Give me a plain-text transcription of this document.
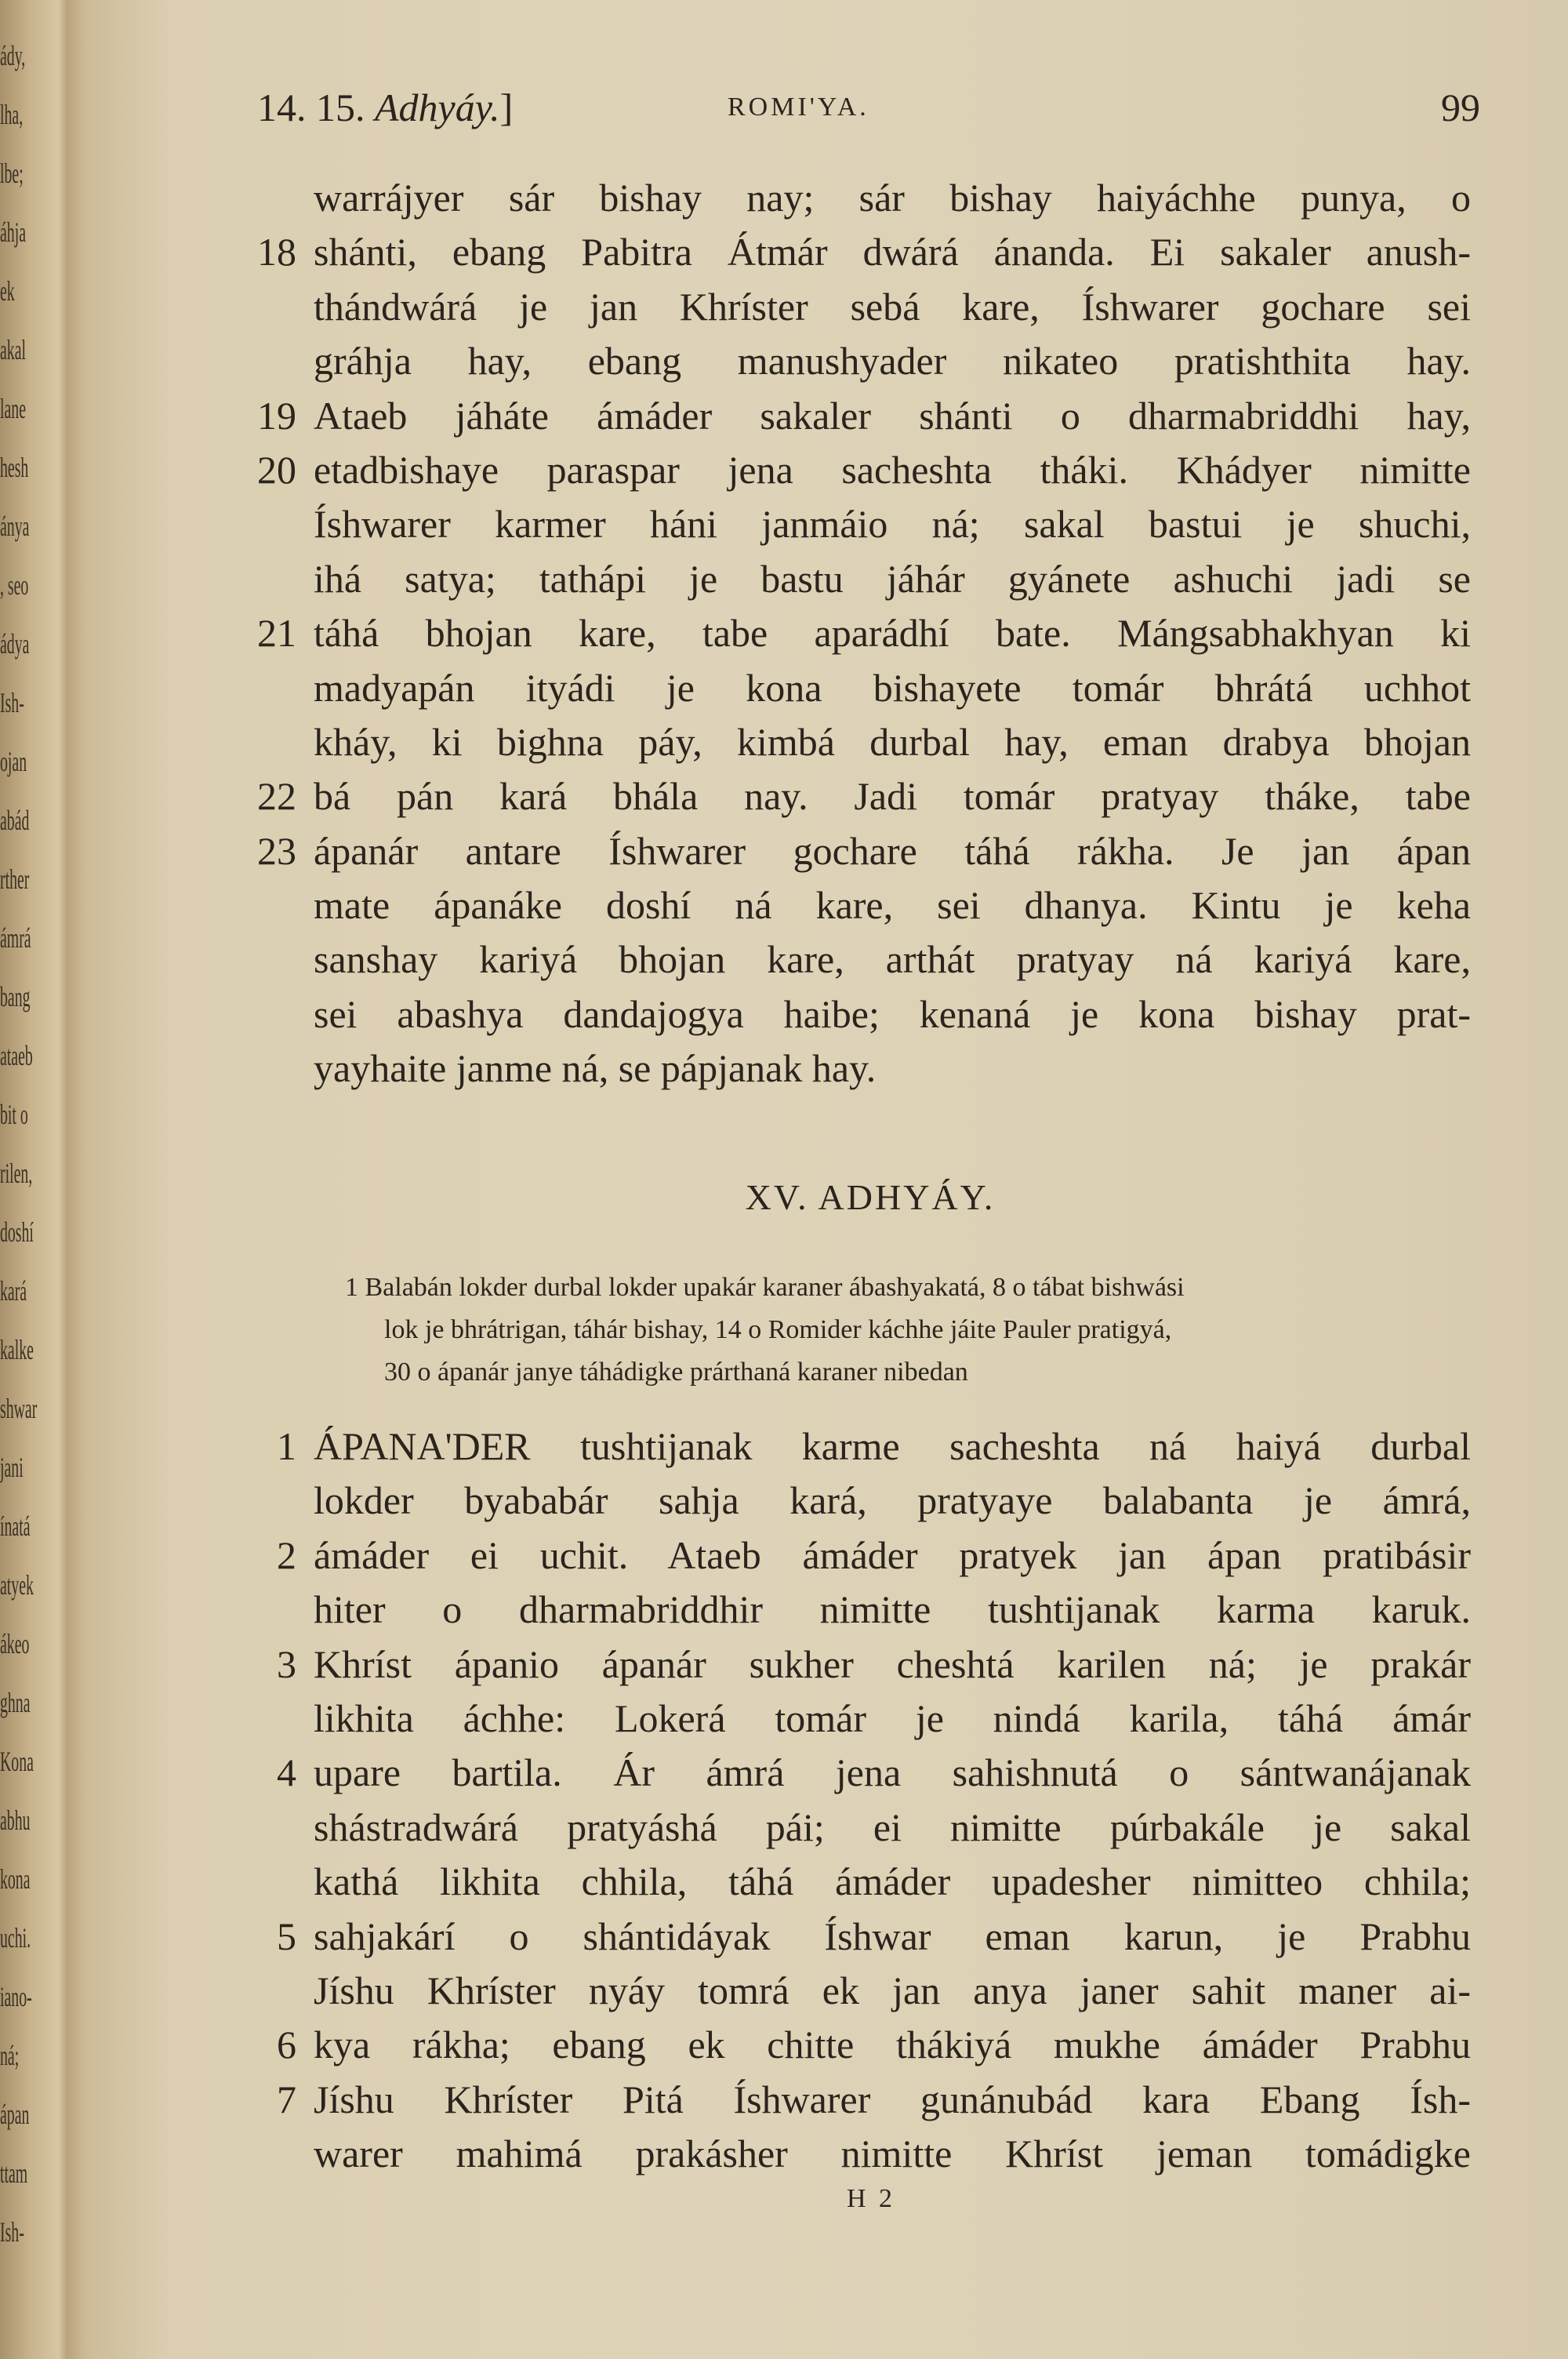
ády,
lha,
lbe;
áhja
ek
akal
lane
hesh
ánya
, seo
ádya
Ish-
ojan
abád
rther
ámrá
bang
ataeb
bit o
rilen,
doshí
kará
kalke
shwar
jani
ínatá
atyek
ákeo
ghna
Kona
abhu
kona
uchi.
iano-
ná;
ápan
ttam
Ish-
14. 15. Adhyáy.]	ROMI'YA.	99
warrájyer sár bishay nay; sár bishay haiyáchhe punya, o
18 shánti, ebang Pabitra Átmár dwárá ánanda. Ei sakaler anush-
thándwárá je jan Khríster sebá kare, Íshwarer gochare sei
gráhja hay, ebang manushyader nikateo pratishthita hay.
19 Ataeb jáháte ámáder sakaler shánti o dharmabriddhi hay,
20 etadbishaye paraspar jena sacheshta tháki. Khádyer nimitte
Íshwarer karmer háni janmáio ná; sakal bastui je shuchi,
ihá satya; tathápi je bastu jáhár gyánete ashuchi jadi se
21 táhá bhojan kare, tabe aparádhí bate. Mángsabhakhyan ki
madyapán ityádi je kona bishayete tomár bhrátá uchhot
kháy, ki bighna páy, kimbá durbal hay, eman drabya bhojan
22 bá pán kará bhála nay. Jadi tomár pratyay tháke, tabe
23 ápanár antare Íshwarer gochare táhá rákha. Je jan ápan
mate ápanáke doshí ná kare, sei dhanya. Kintu je keha
sanshay kariyá bhojan kare, arthát pratyay ná kariyá kare,
sei abashya dandajogya haibe; kenaná je kona bishay prat-
yayhaite janme ná, se pápjanak hay.
XV. ADHYÁY.
1 Balabán lokder durbal lokder upakár karaner ábashyakatá, 8 o tábat bishwási
lok je bhrátrigan, táhár bishay, 14 o Romider káchhe jáite Pauler pratigyá,
30 o ápanár janye táhádigke prárthaná karaner nibedan
1 ÁPANA'DER tushtijanak karme sacheshta ná haiyá durbal
lokder byababár sahja kará, pratyaye balabanta je ámrá,
2 ámáder ei uchit. Ataeb ámáder pratyek jan ápan pratibásir
hiter o dharmabriddhir nimitte tushtijanak karma karuk.
3 Khríst ápanio ápanár sukher cheshtá karilen ná; je prakár
likhita áchhe: Lokerá tomár je nindá karila, táhá ámár
4 upare bartila. Ár ámrá jena sahishnutá o sántwanájanak
shástradwárá pratyáshá pái; ei nimitte púrbakále je sakal
kathá likhita chhila, táhá ámáder upadesher nimitteo chhila;
5 sahjakárí o shántidáyak Íshwar eman karun, je Prabhu
Jíshu Khríster nyáy tomrá ek jan anya janer sahit maner ai-
6 kya rákha; ebang ek chitte thákiyá mukhe ámáder Prabhu
7 Jíshu Khríster Pitá Íshwarer gunánubád kara Ebang Ísh-
warer mahimá prakásher nimitte Khríst jeman tomádigke
H 2
